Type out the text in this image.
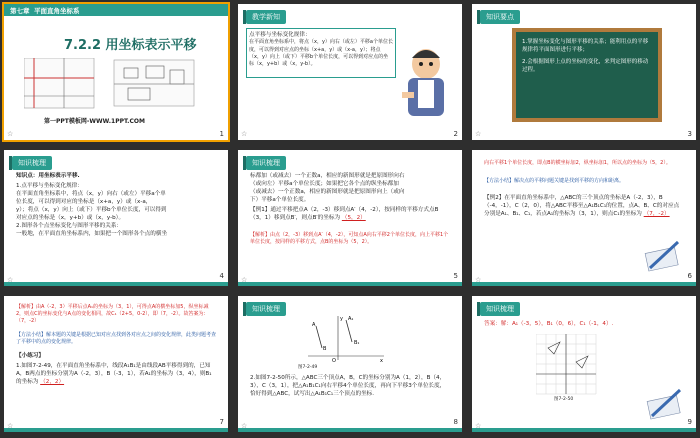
第七章 平面直角坐标系
7.2.2 用坐标表示平移
第一PPT模板网-WWW.1PPT.COM
☆	1
教学新知
点平移与坐标变化规律：
在平面直角坐标系中，将点（x，y）向右（或左）平移a个单位长度，可以得到对应点的坐标（x+a，y）或（x-a，y）；将点（x，y）向上（或下）平移b个单位长度，可以得到对应点的坐标（x，y+b）或（x，y-b）。
☆	2
知识要点
1.掌握坐标变化与图形平移的关系；能利用点的平移规律将平面图形进行平移；
2.会根据图形上点的坐标的变化，来判定图形的移动过程。
☆	3
知识梳理
知识点：用坐标表示平移.
1.点平移与坐标变化规律：
在平面直角坐标系中，将点（x，y）向右（或左）平移a个单
位长度，可以得到对应的坐标是（x+a，y）或（x-a，
y）；将点（x，y）向上（或下）平移b个单位长度，可以得到
对应点的坐标是（x，y+b）或（x，y-b）。
2.图形各个点坐标变化与图形平移的关系：
一般地，在平面直角坐标系内，如果把一个图形各个点的横坐
☆	4
知识梳理
标都加（或减去）一个正数a，相应的新图形就是把原图形向右
（或向左）平移a个单位长度；如果把它各个点的纵坐标都加
（或减去）一个正数a，相应的新图形就是把原图形向上（或向
下）平移a个单位长度。
【例1】通过平移把点A（2，-3）移到点A′（4，-2），按同样的平移方式点B（3，1）移到点B′，则点B′的坐标为 （5，2）
【解析】由点（2，-3）移到点A′（4，-2），可知点A向右平移2个单位长度，向上平移1个单位长度，按同样的平移方式，点B的坐标为（5，2）。
☆	5
向右平移1个单位长度，即点B的横坐标加2，纵坐标加1，所以点的坐标为（5，2）。
【方法小结】解决点的平移问题关键是找到平移的方向和距离。
【例2】在平面直角坐标系中，△ABC的三个顶点的坐标是A（-2，3），B（-4，-1），C（2，0），将△ABC平移至△A₁B₁C₁的位置，点A、B、C的对应点分别是A₁、B₁、C₁，若点A₁的坐标为（3，1），则点C₁的坐标为 （7，-2）
☆	6
【解析】由A（-2，3）平移后点A₁的坐标为（3，1），可得点A的横坐标加5，纵坐标减2，则点C的坐标变化与A点的变化相同，故C₁（2+5，0-2），即（7，-2）。故答案为：（7，-2）
【方法小结】解本题的关键是根据已知对应点找到各对应点之间的变化规律，此类问题考查了平移中的点的变化规律。
【小练习】
1.如图7-2-49，在平面直角坐标系中，线段A₁B₁是由线段AB平移得到的，已知A，B两点的坐标分别为A（-2，3），B（-3，1），若A₁的坐标为（3，4），则B₁的坐标为 （2，2）
☆	7
知识梳理
A
B
A₁
B₁
O	x
y
图7-2-49
2.如图7-2-50所示，△ABC三个顶点A，B，C的坐标分别为A（1，2），B（4，3），C（3，1），把△A₁B₁C₁向右平移4个单位长度，再向下平移3个单位长度，恰好得到△ABC，试写出△A₁B₁C₁三个顶点的坐标.
☆	8
知识梳理
答案：解：A₁（-3，5），B₁（0，6），C₁（-1，4）.
图7-2-50
☆	9
